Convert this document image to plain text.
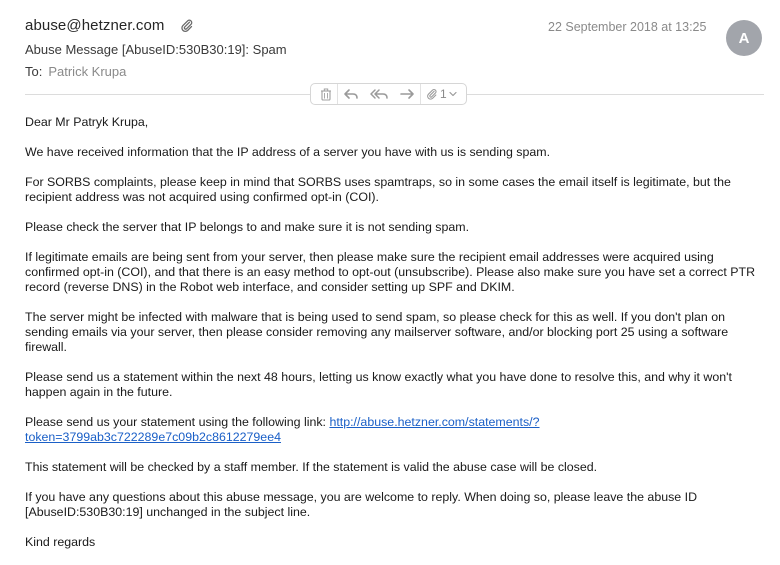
abuse@hetzner.com	22 September 2018 at 13:25
A
Abuse Message [AbuseID:530B30:19]: Spam
To: Patrick Krupa
1

Dear Mr Patryk Krupa,

We have received information that the IP address of a server you have with us is sending spam.

For SORBS complaints, please keep in mind that SORBS uses spamtraps, so in some cases the email itself is legitimate, but the recipient address was not acquired using confirmed opt-in (COI).

Please check the server that IP belongs to and make sure it is not sending spam.

If legitimate emails are being sent from your server, then please make sure the recipient email addresses were acquired using confirmed opt-in (COI), and that there is an easy method to opt-out (unsubscribe). Please also make sure you have set a correct PTR record (reverse DNS) in the Robot web interface, and consider setting up SPF and DKIM.

The server might be infected with malware that is being used to send spam, so please check for this as well. If you don't plan on sending emails via your server, then please consider removing any mailserver software, and/or blocking port 25 using a software firewall.

Please send us a statement within the next 48 hours, letting us know exactly what you have done to resolve this, and why it won't happen again in the future.

Please send us your statement using the following link: http://abuse.hetzner.com/statements/?
token=3799ab3c722289e7c09b2c8612279ee4

This statement will be checked by a staff member. If the statement is valid the abuse case will be closed.

If you have any questions about this abuse message, you are welcome to reply. When doing so, please leave the abuse ID [AbuseID:530B30:19] unchanged in the subject line.

Kind regards
